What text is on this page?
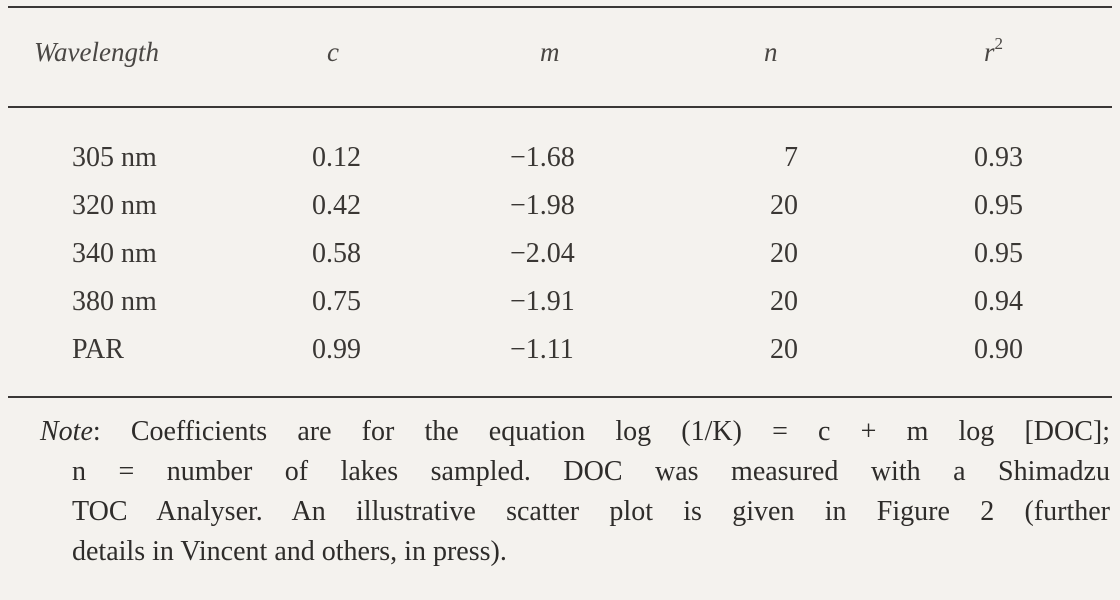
Wavelength	c	m	n	$r^2$
305 nm	0.12	−1.68	7	0.93
320 nm	0.42	−1.98	20	0.95
340 nm	0.58	−2.04	20	0.95
380 nm	0.75	−1.91	20	0.94
PAR	0.99	−1.11	20	0.90
Note: Coefficients are for the equation log (1/K) = c + m log [DOC];
n = number of lakes sampled. DOC was measured with a Shimadzu
TOC Analyser. An illustrative scatter plot is given in Figure 2 (further
details in Vincent and others, in press).
